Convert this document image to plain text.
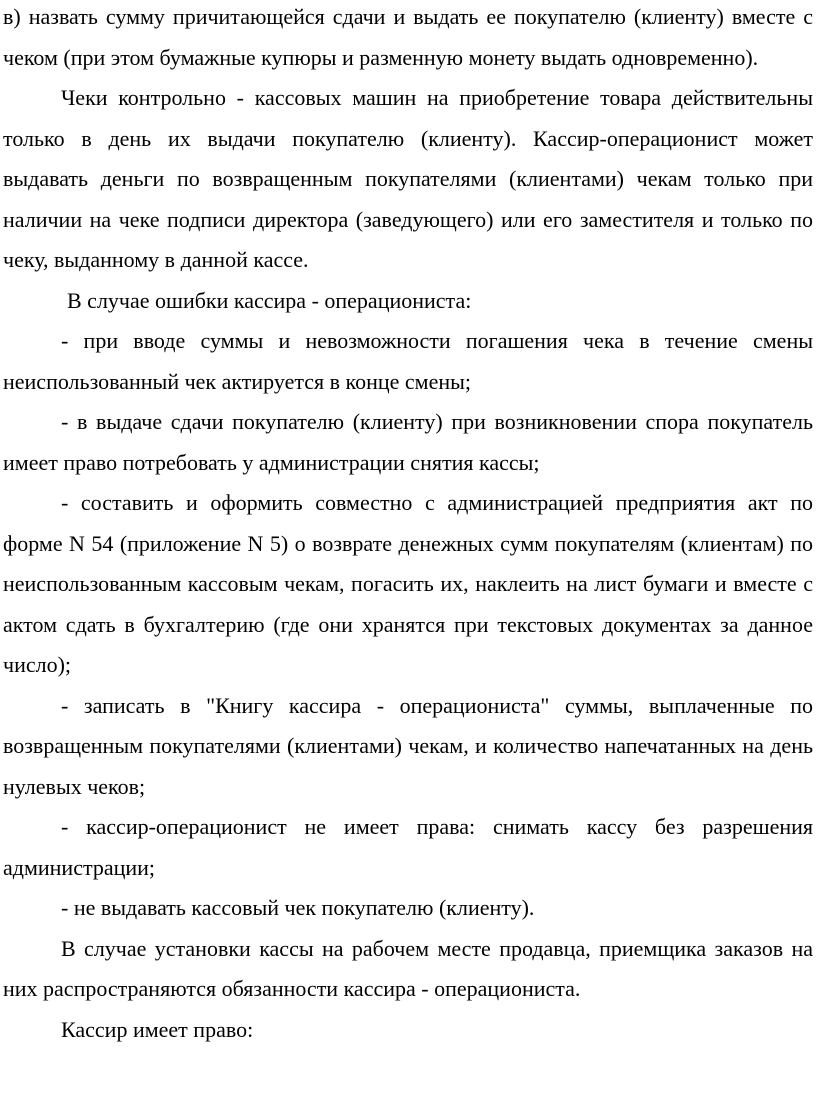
в) назвать сумму причитающейся сдачи и выдать ее покупателю (клиенту) вместе с чеком (при этом бумажные купюры и разменную монету выдать одновременно).

Чеки контрольно - кассовых машин на приобретение товара действительны только в день их выдачи покупателю (клиенту). Кассир-операционист может выдавать деньги по возвращенным покупателями (клиентами) чекам только при наличии на чеке подписи директора (заведующего) или его заместителя и только по чеку, выданному в данной кассе.

В случае ошибки кассира - операциониста:

- при вводе суммы и невозможности погашения чека в течение смены неиспользованный чек актируется в конце смены;

- в выдаче сдачи покупателю (клиенту) при возникновении спора покупатель имеет право потребовать у администрации снятия кассы;

- составить и оформить совместно с администрацией предприятия акт по форме N 54 (приложение N 5) о возврате денежных сумм покупателям (клиентам) по неиспользованным кассовым чекам, погасить их, наклеить на лист бумаги и вместе с актом сдать в бухгалтерию (где они хранятся при текстовых документах за данное число);

- записать в "Книгу кассира - операциониста" суммы, выплаченные по возвращенным покупателями (клиентами) чекам, и количество напечатанных на день нулевых чеков;

- кассир-операционист не имеет права: снимать кассу без разрешения администрации;

- не выдавать кассовый чек покупателю (клиенту).

В случае установки кассы на рабочем месте продавца, приемщика заказов на них распространяются обязанности кассира - операциониста.

Кассир имеет право:
